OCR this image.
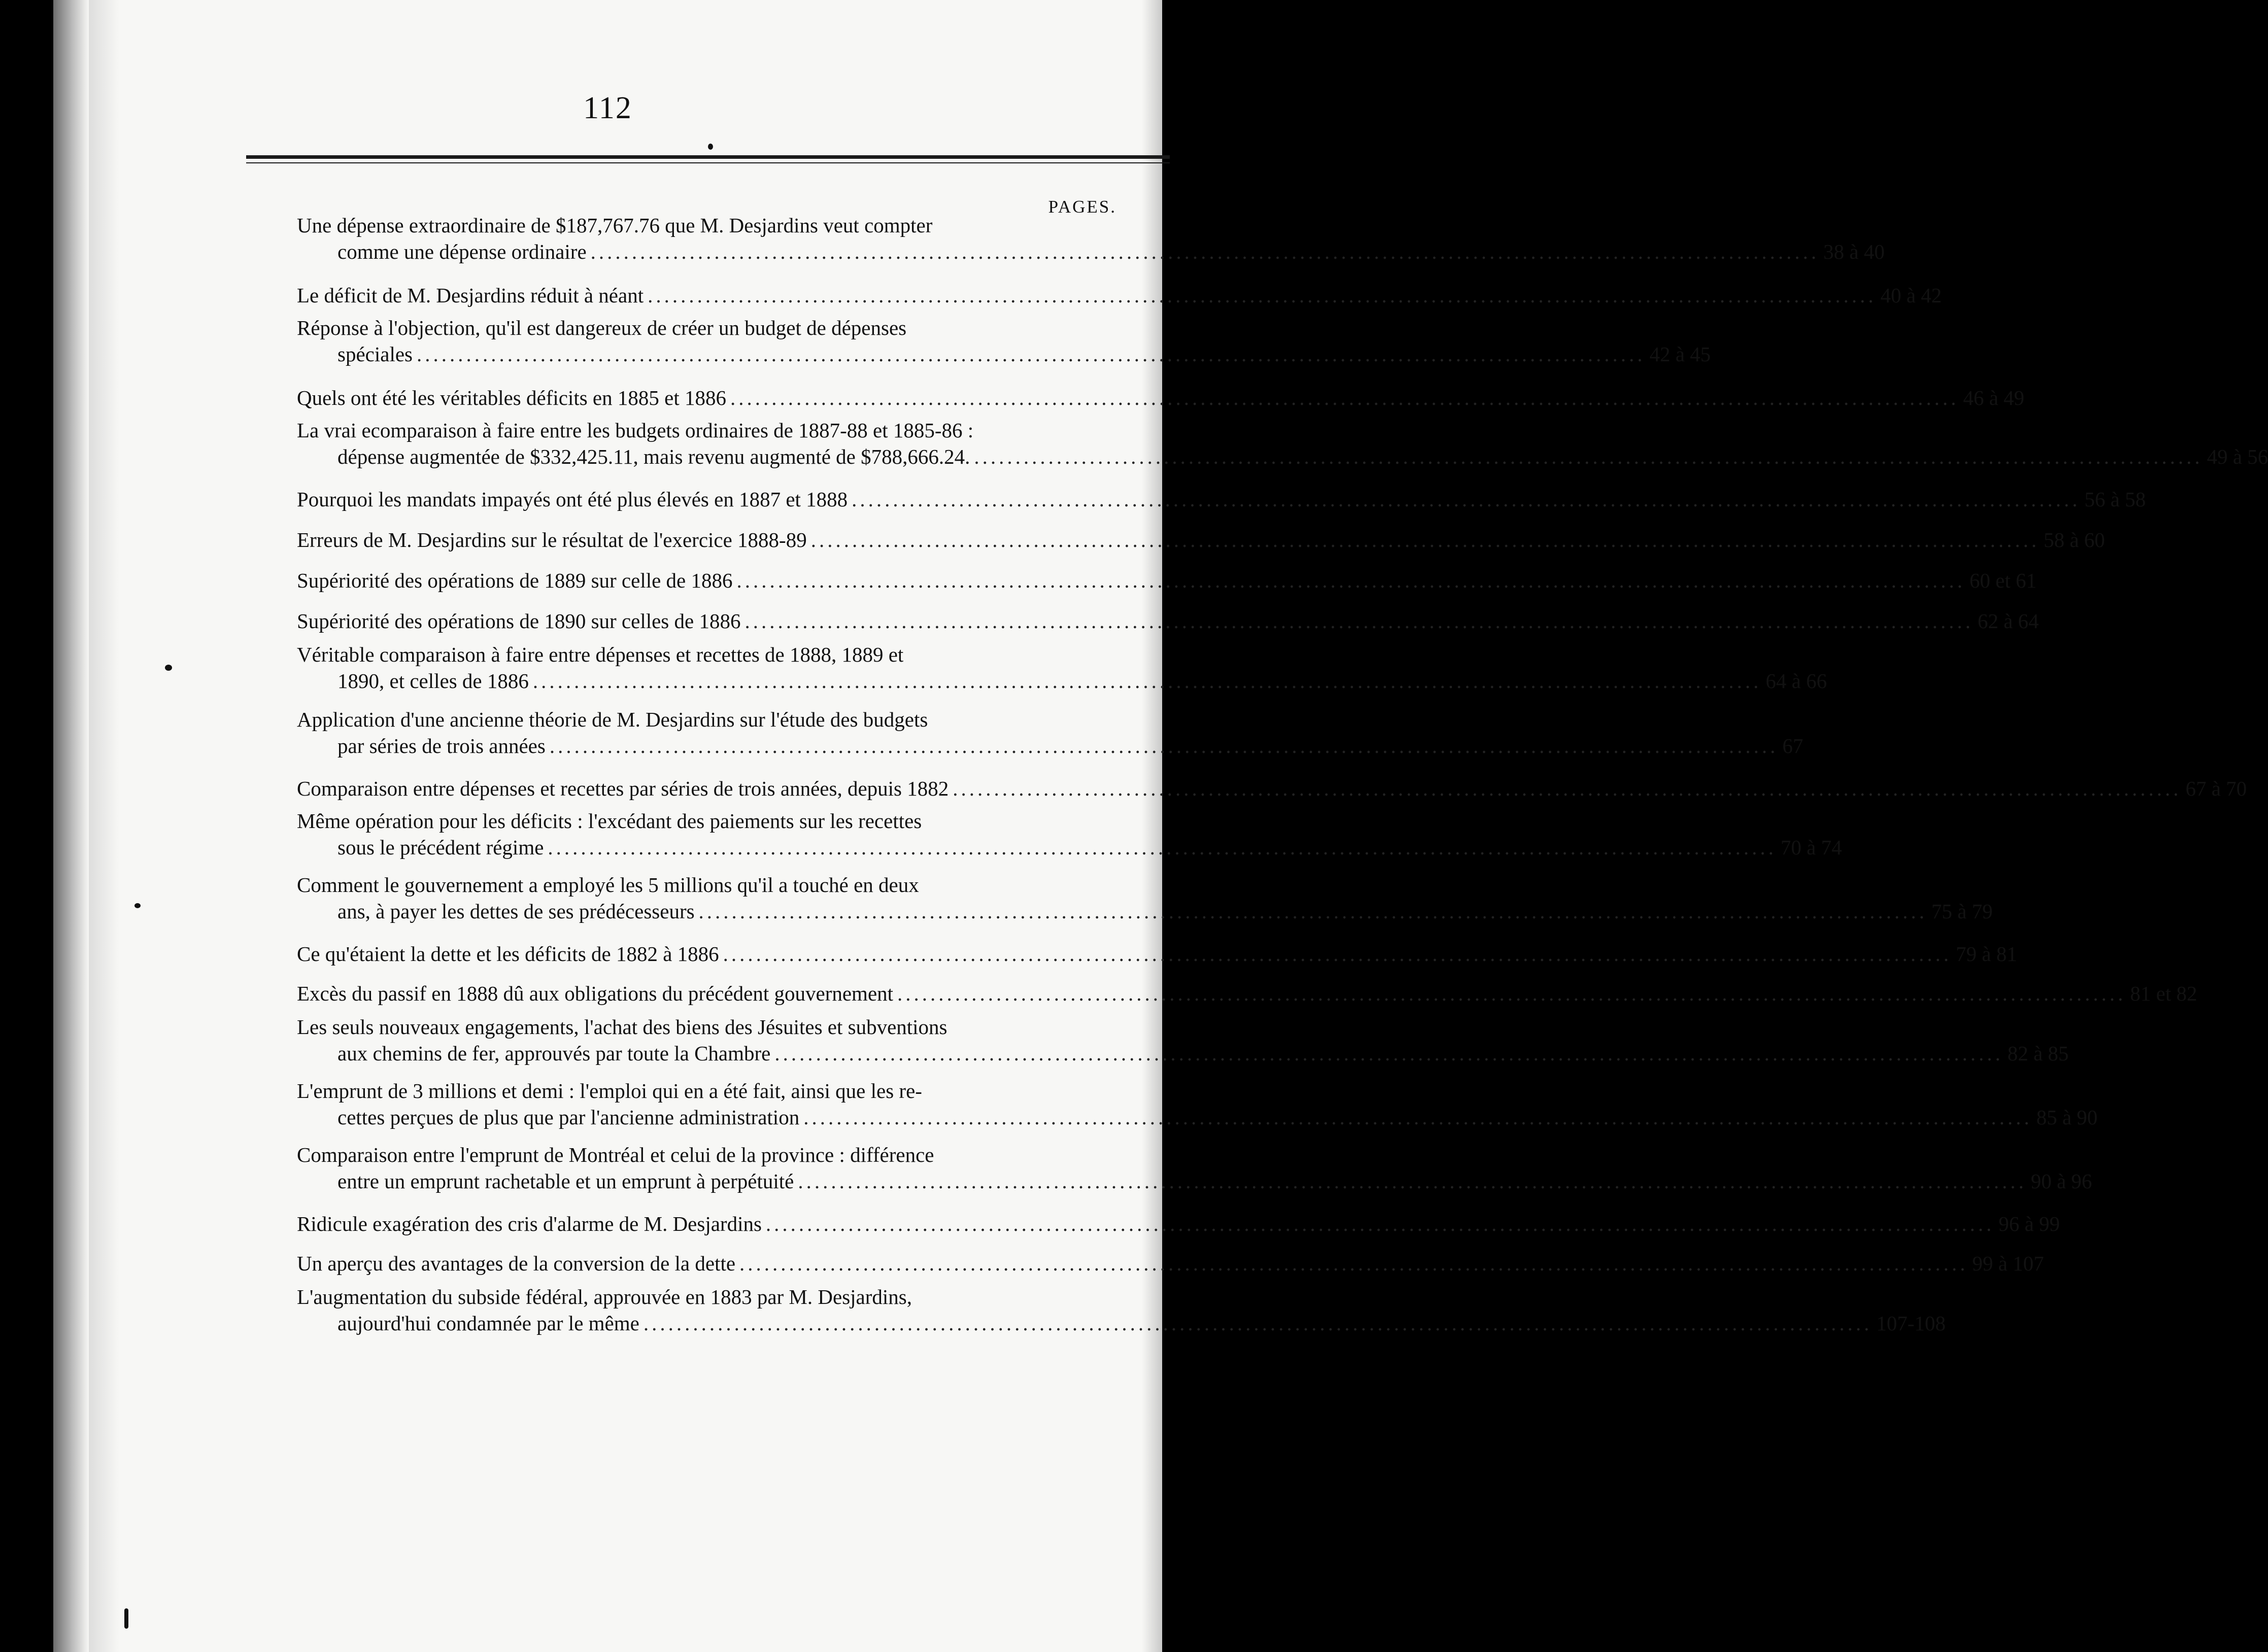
112
PAGES.
Une dépense extraordinaire de $187,767.76 que M. Desjardins veut compter
comme une dépense ordinaire .....	38 à 40
Le déficit de M. Desjardins réduit à néant .....	40 à 42
Réponse à l'objection, qu'il est dangereux de créer un budget de dépenses
spéciales .....	42 à 45
Quels ont été les véritables déficits en 1885 et 1886 .....	46 à 49
La vrai ecomparaison à faire entre les budgets ordinaires de 1887-88 et 1885-86 :
dépense augmentée de $332,425.11, mais revenu augmenté de $788,666.24. .....	49 à 56
Pourquoi les mandats impayés ont été plus élevés en 1887 et 1888 .....	56 à 58
Erreurs de M. Desjardins sur le résultat de l'exercice 1888-89 .....	58 à 60
Supériorité des opérations de 1889 sur celle de 1886 .....	60 et 61
Supériorité des opérations de 1890 sur celles de 1886 .....	62 à 64
Véritable comparaison à faire entre dépenses et recettes de 1888, 1889 et
1890, et celles de 1886 .....	64 à 66
Application d'une ancienne théorie de M. Desjardins sur l'étude des budgets
par séries de trois années .....	67
Comparaison entre dépenses et recettes par séries de trois années, depuis 1882 .....	67 à 70
Même opération pour les déficits : l'excédant des paiements sur les recettes
sous le précédent régime .....	70 à 74
Comment le gouvernement a employé les 5 millions qu'il a touché en deux
ans, à payer les dettes de ses prédécesseurs .....	75 à 79
Ce qu'étaient la dette et les déficits de 1882 à 1886 .....	79 à 81
Excès du passif en 1888 dû aux obligations du précédent gouvernement .....	81 et 82
Les seuls nouveaux engagements, l'achat des biens des Jésuites et subventions
aux chemins de fer, approuvés par toute la Chambre .....	82 à 85
L'emprunt de 3 millions et demi : l'emploi qui en a été fait, ainsi que les re-
cettes perçues de plus que par l'ancienne administration .....	85 à 90
Comparaison entre l'emprunt de Montréal et celui de la province : différence
entre un emprunt rachetable et un emprunt à perpétuité .....	90 à 96
Ridicule exagération des cris d'alarme de M. Desjardins .....	96 à 99
Un aperçu des avantages de la conversion de la dette .....	99 à 107
L'augmentation du subside fédéral, approuvée en 1883 par M. Desjardins,
aujourd'hui condamnée par le même .....	107-108
